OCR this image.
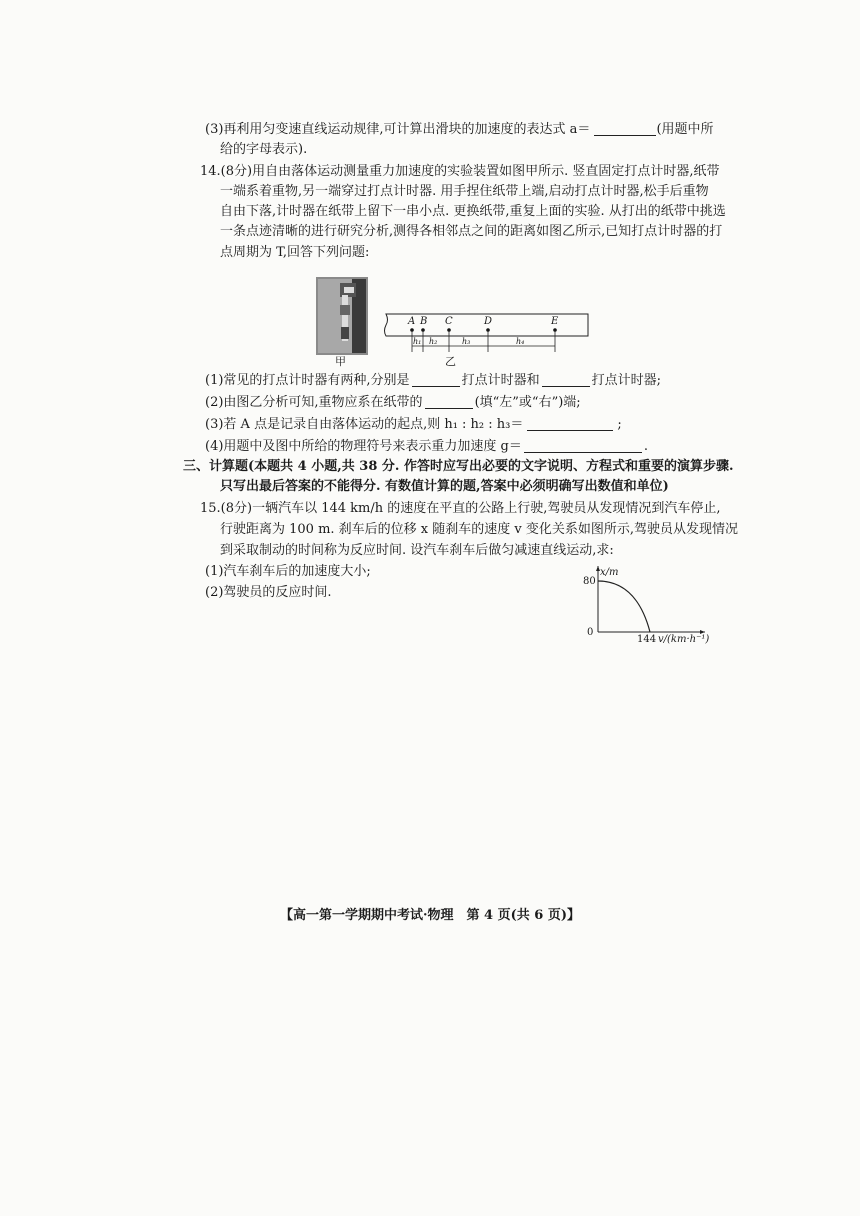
(3)再利用匀变速直线运动规律,可计算出滑块的加速度的表达式 a＝	(用题中所
给的字母表示).
14.(8分)用自由落体运动测量重力加速度的实验装置如图甲所示. 竖直固定打点计时器,纸带
一端系着重物,另一端穿过打点计时器. 用手捏住纸带上端,启动打点计时器,松手后重物
自由下落,计时器在纸带上留下一串小点. 更换纸带,重复上面的实验. 从打出的纸带中挑选
一条点迹清晰的进行研究分析,测得各相邻点之间的距离如图乙所示,已知打点计时器的打
点周期为 T,回答下列问题:
甲
A B C	D	E
h₁ h₂	h₃	h₄
乙
(1)常见的打点计时器有两种,分别是	打点计时器和	打点计时器;
(2)由图乙分析可知,重物应系在纸带的	(填“左”或“右”)端;
(3)若 A 点是记录自由落体运动的起点,则 h₁ : h₂ : h₃＝	;
(4)用题中及图中所给的物理符号来表示重力加速度 g＝	.
三、计算题(本题共 4 小题,共 38 分. 作答时应写出必要的文字说明、方程式和重要的演算步骤.
只写出最后答案的不能得分. 有数值计算的题,答案中必须明确写出数值和单位)
15.(8分)一辆汽车以 144 km/h 的速度在平直的公路上行驶,驾驶员从发现情况到汽车停止,
行驶距离为 100 m. 刹车后的位移 x 随刹车的速度 v 变化关系如图所示,驾驶员从发现情况
到采取制动的时间称为反应时间. 设汽车刹车后做匀减速直线运动,求:
(1)汽车刹车后的加速度大小;
(2)驾驶员的反应时间.
x/m
80
0
144 v/(km·h⁻¹)
【高一第一学期期中考试·物理　第 4 页(共 6 页)】
